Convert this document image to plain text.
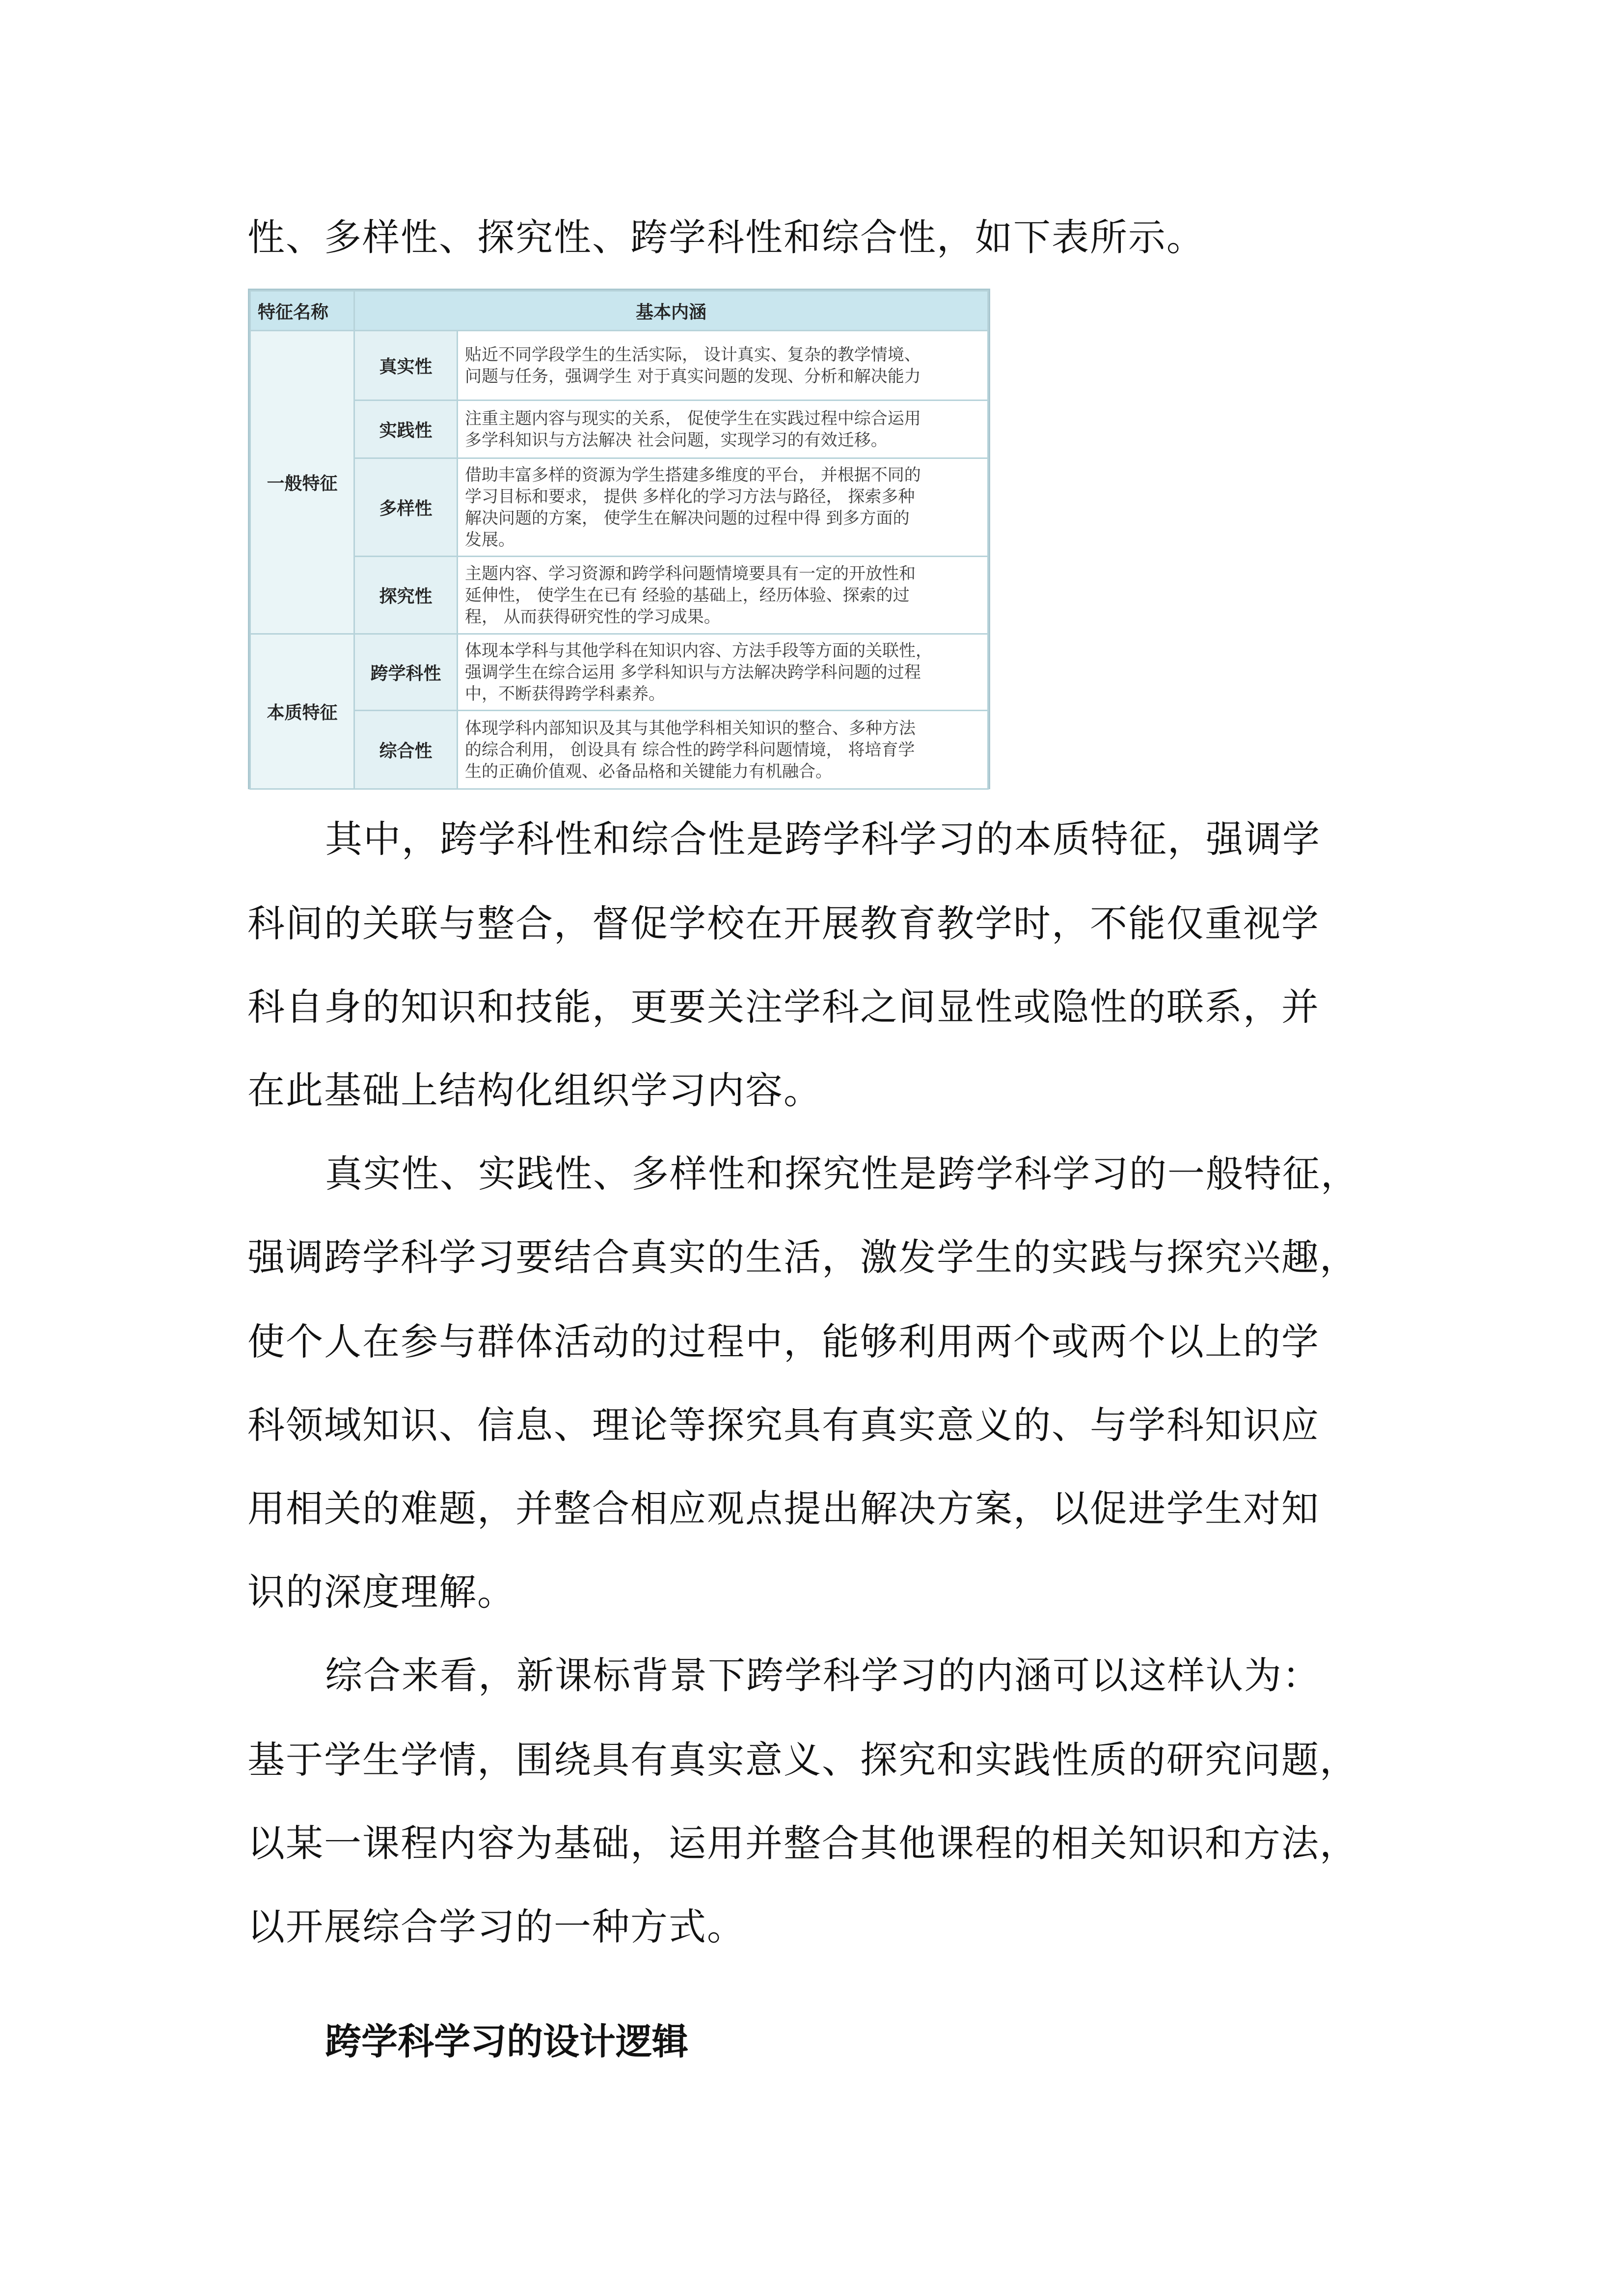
性、多样性、探究性、跨学科性和综合性，如下表所示。
特征名称	基本内涵	
一般特征	真实性	贴近不同学段学生的生活实际， 设计真实、复杂的教学情境、
问题与任务，强调学生 对于真实问题的发现、分析和解决能力

	实践性	注重主题内容与现实的关系， 促使学生在实践过程中综合运用
多学科知识与方法解决 社会问题，实现学习的有效迁移。

	多样性	借助丰富多样的资源为学生搭建多维度的平台， 并根据不同的
学习目标和要求， 提供 多样化的学习方法与路径， 探索多种
解决问题的方案， 使学生在解决问题的过程中得 到多方面的
发展。

	探究性	主题内容、学习资源和跨学科问题情境要具有一定的开放性和
延伸性， 使学生在已有 经验的基础上，经历体验、探索的过
程， 从而获得研究性的学习成果。

本质特征	跨学科性	体现本学科与其他学科在知识内容、方法手段等方面的关联性，
强调学生在综合运用 多学科知识与方法解决跨学科问题的过程
中，不断获得跨学科素养。

	综合性	体现学科内部知识及其与其他学科相关知识的整合、多种方法
的综合利用， 创设具有 综合性的跨学科问题情境， 将培育学
生的正确价值观、必备品格和关键能力有机融合。
其中，跨学科性和综合性是跨学科学习的本质特征，强调学
科间的关联与整合，督促学校在开展教育教学时，不能仅重视学
科自身的知识和技能，更要关注学科之间显性或隐性的联系，并
在此基础上结构化组织学习内容。
真实性、实践性、多样性和探究性是跨学科学习的一般特征，
强调跨学科学习要结合真实的生活，激发学生的实践与探究兴趣，
使个人在参与群体活动的过程中，能够利用两个或两个以上的学
科领域知识、信息、理论等探究具有真实意义的、与学科知识应
用相关的难题，并整合相应观点提出解决方案，以促进学生对知
识的深度理解。
综合来看，新课标背景下跨学科学习的内涵可以这样认为：
基于学生学情，围绕具有真实意义、探究和实践性质的研究问题，
以某一课程内容为基础，运用并整合其他课程的相关知识和方法，
以开展综合学习的一种方式。
跨学科学习的设计逻辑
